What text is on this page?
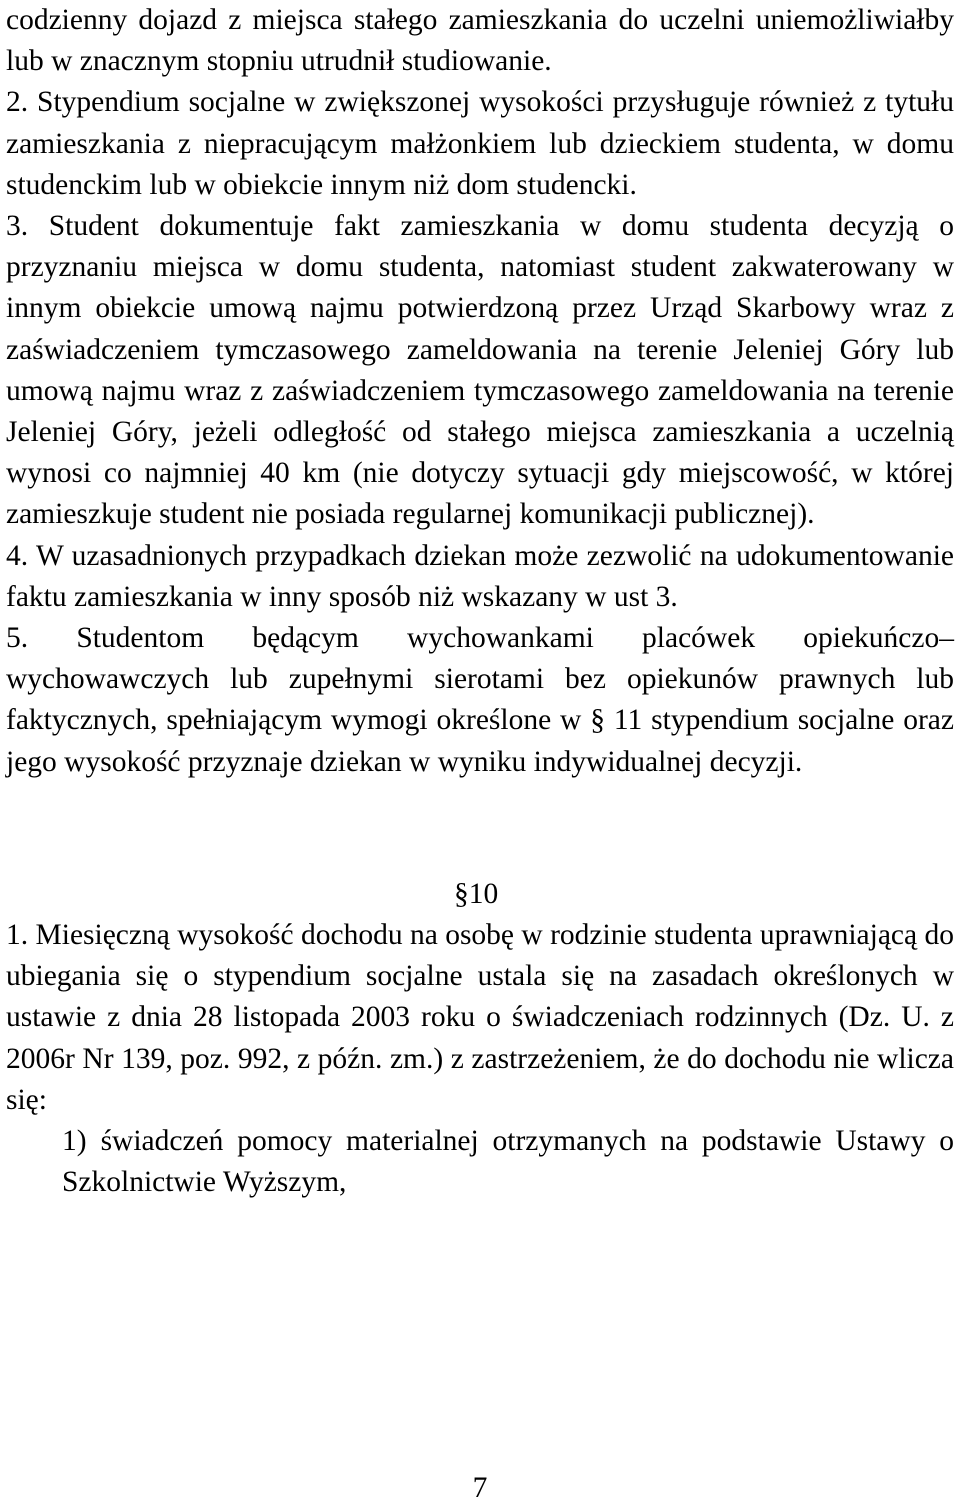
codzienny dojazd z miejsca stałego zamieszkania do uczelni uniemożliwiałby lub w znacznym stopniu utrudnił studiowanie.

2. Stypendium socjalne w zwiększonej wysokości przysługuje również z tytułu zamieszkania z niepracującym małżonkiem lub dzieckiem studenta, w domu studenckim lub w obiekcie innym niż dom studencki.

3. Student dokumentuje fakt zamieszkania w domu studenta decyzją o przyznaniu miejsca w domu studenta, natomiast student zakwaterowany w innym obiekcie umową najmu potwierdzoną przez Urząd Skarbowy wraz z zaświadczeniem tymczasowego zameldowania na terenie Jeleniej Góry lub umową najmu wraz z zaświadczeniem tymczasowego zameldowania na terenie Jeleniej Góry, jeżeli odległość od stałego miejsca zamieszkania a uczelnią wynosi co najmniej 40 km (nie dotyczy sytuacji gdy miejscowość, w której zamieszkuje student nie posiada regularnej komunikacji publicznej).

4. W uzasadnionych przypadkach dziekan może zezwolić na udokumentowanie faktu zamieszkania w inny sposób niż wskazany w ust 3.

5. Studentom będącym wychowankami placówek opiekuńczo– wychowawczych lub zupełnymi sierotami bez opiekunów prawnych lub faktycznych, spełniającym wymogi określone w § 11 stypendium socjalne oraz jego wysokość przyznaje dziekan w wyniku indywidualnej decyzji.

§10

1. Miesięczną wysokość dochodu na osobę w rodzinie studenta uprawniającą do ubiegania się o stypendium socjalne ustala się na zasadach określonych w ustawie z dnia 28 listopada 2003 roku o świadczeniach rodzinnych (Dz. U. z 2006r Nr 139, poz. 992, z późn. zm.) z zastrzeżeniem, że do dochodu nie wlicza się:

1) świadczeń pomocy materialnej otrzymanych na podstawie Ustawy o Szkolnictwie Wyższym,

7
